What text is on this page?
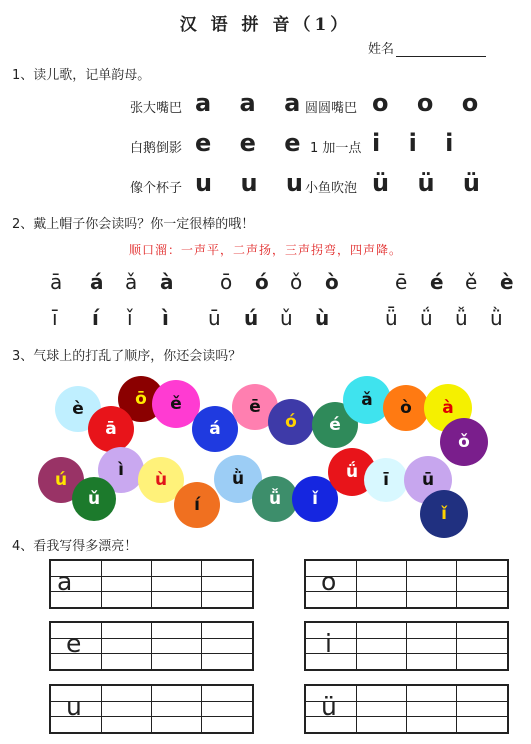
汉 语 拼 音（1）
姓名
1、读儿歌，记单韵母。
张大嘴巴 a a a
圆圆嘴巴 o o o
白鹅倒影 e e e 1 加一点 i i i
像个杯子 u u u
小鱼吹泡 ü ü ü
2、戴上帽子你会读吗？你一定很棒的哦！
顺口溜：一声平，二声扬，三声拐弯，四声降。
ā á ǎ à ō ó ǒ ò	ē é ě è
ī í ǐ ì ū ú ǔ ù	ǖ ǘ ǚ ǜ
3、气球上的打乱了顺序，你还会读吗？
è	ō
ā
ě
á
ē
ó	é
ǎ	ò	à
ǒ
ú	ì
ǔ
ù
í
ǜ
ǚ	ǐ
ǘ	ī	ū
ǐ
4、看我写得多漂亮！
a	o
e	i
u	ü
